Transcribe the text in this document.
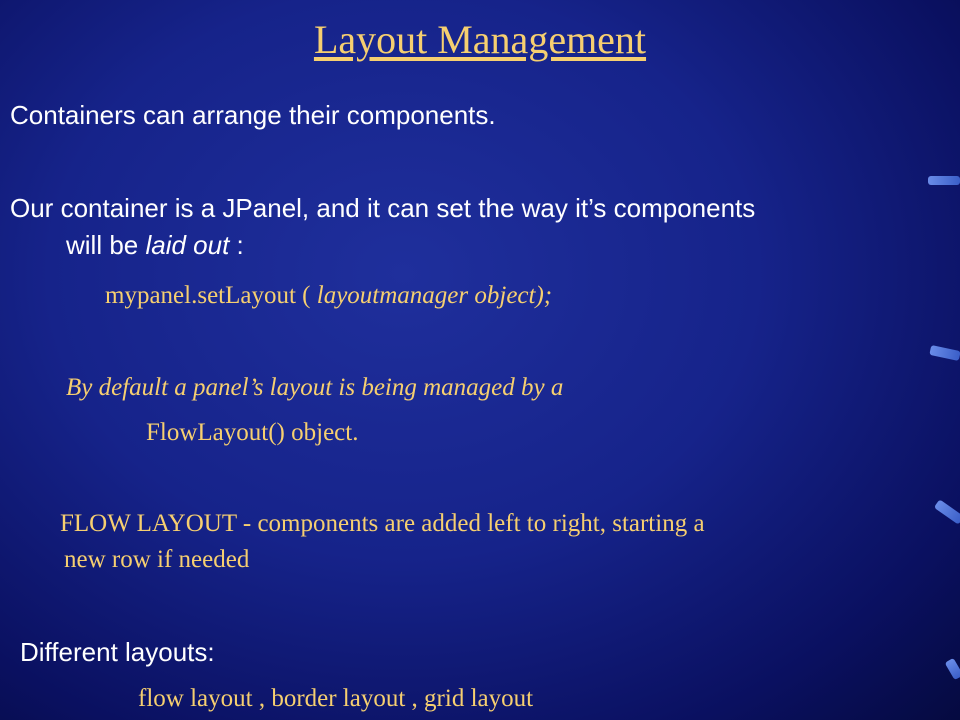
Layout Management
Containers can arrange their components.
Our container is a JPanel, and it can set the way it’s components
will be laid out :
mypanel.setLayout ( layoutmanager object);
By default a panel’s layout is being managed by a
FlowLayout() object.
FLOW LAYOUT - components are added left to right, starting a
new row if needed
Different layouts:
flow layout , border layout , grid layout
